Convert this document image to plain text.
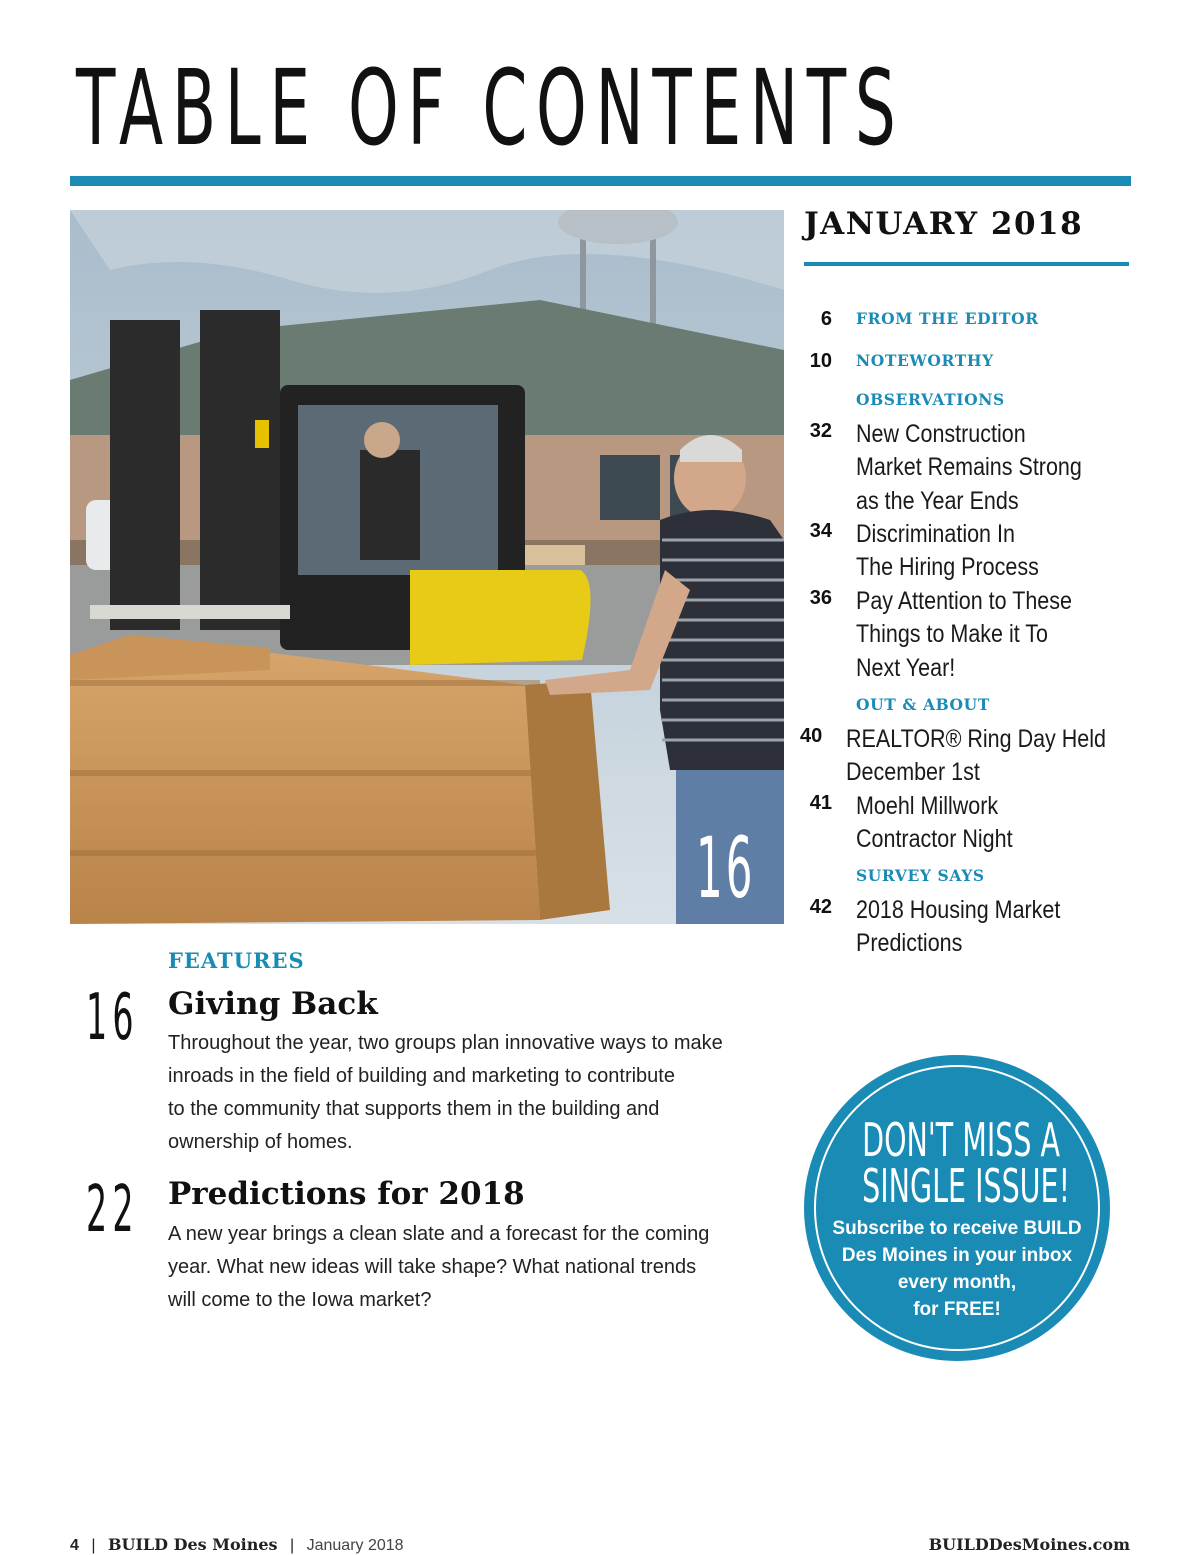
TABLE OF CONTENTS
16
JANUARY 2018
6 FROM THE EDITOR
10 NOTEWORTHY
OBSERVATIONS
32 New Construction
Market Remains Strong
as the Year Ends
34 Discrimination In
The Hiring Process
36 Pay Attention to These
Things to Make it To
Next Year!
OUT & ABOUT
40 REALTOR® Ring Day Held
December 1st
41 Moehl Millwork
Contractor Night
SURVEY SAYS
42 2018 Housing Market
Predictions
FEATURES
16 Giving Back
Throughout the year, two groups plan innovative ways to make
inroads in the field of building and marketing to contribute
to the community that supports them in the building and
ownership of homes.
22 Predictions for 2018
A new year brings a clean slate and a forecast for the coming
year. What new ideas will take shape? What national trends
will come to the Iowa market?
DON'T MISS A
SINGLE ISSUE!
Subscribe to receive BUILD
Des Moines in your inbox
every month,
for FREE!
4 | BUILD Des Moines | January 2018	BUILDDesMoines.com
